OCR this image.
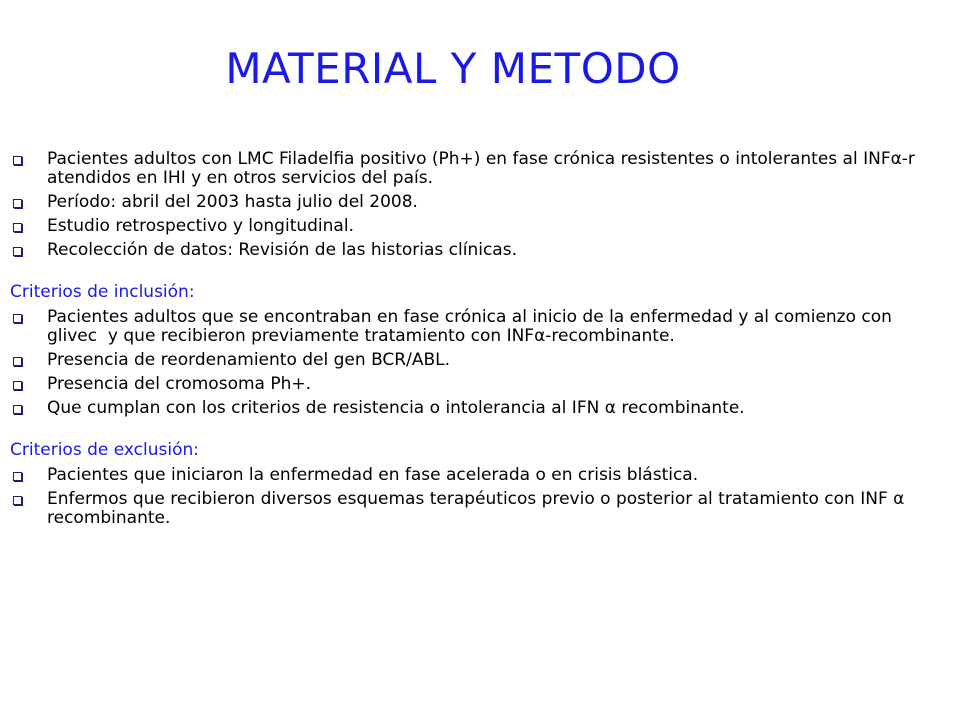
MATERIAL Y METODO
Pacientes adultos con LMC Filadelfia positivo (Ph+) en fase crónica resistentes o intolerantes al INFα-r atendidos en IHI y en otros servicios del país.
Período: abril del 2003 hasta julio del 2008.
Estudio retrospectivo y longitudinal.
Recolección de datos: Revisión de las historias clínicas.
Criterios de inclusión:
Pacientes adultos que se encontraban en fase crónica al inicio de la enfermedad y al comienzo con glivec  y que recibieron previamente tratamiento con INFα-recombinante.
Presencia de reordenamiento del gen BCR/ABL.
Presencia del cromosoma Ph+.
Que cumplan con los criterios de resistencia o intolerancia al IFN α recombinante.
Criterios de exclusión:
Pacientes que iniciaron la enfermedad en fase acelerada o en crisis blástica.
Enfermos que recibieron diversos esquemas terapéuticos previo o posterior al tratamiento con INF α recombinante.
